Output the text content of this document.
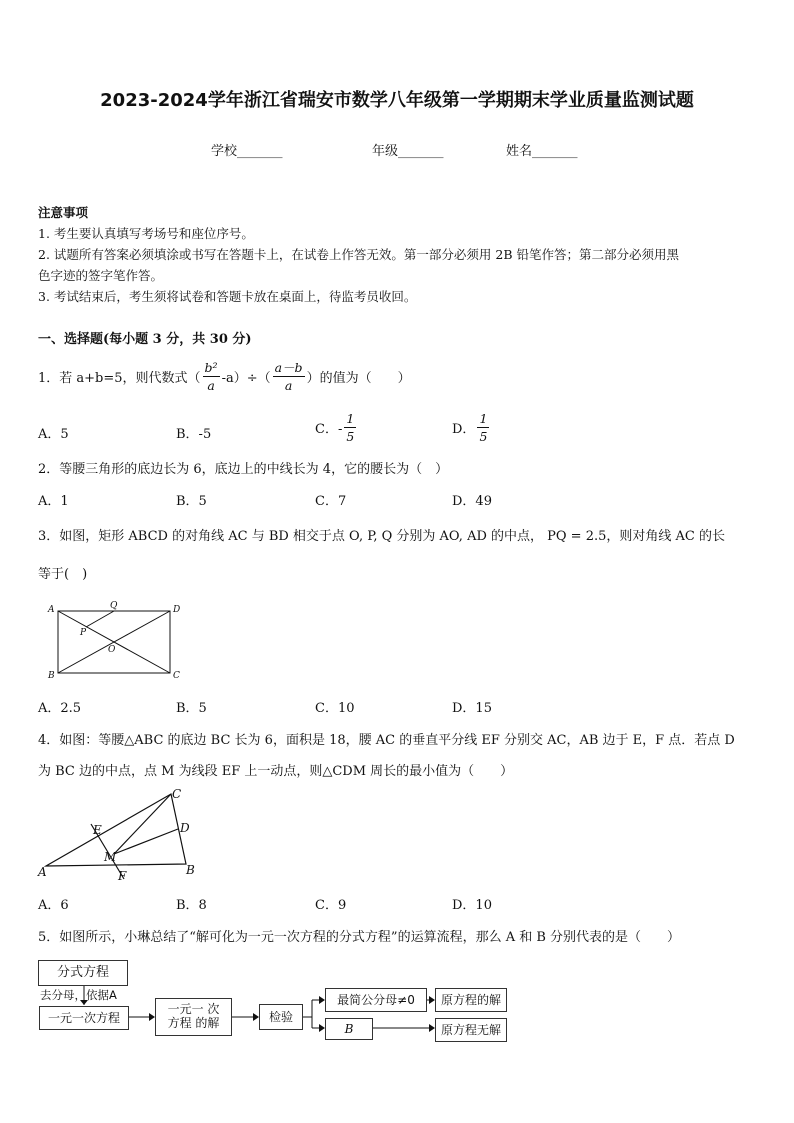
2023-2024学年浙江省瑞安市数学八年级第一学期期末学业质量监测试题
学校_______	年级_______	姓名_______
注意事项
1. 考生要认真填写考场号和座位序号。
2. 试题所有答案必须填涂或书写在答题卡上，在试卷上作答无效。第一部分必须用 2B 铅笔作答；第二部分必须用黑
色字迹的签字笔作答。
3. 考试结束后，考生须将试卷和答题卡放在桌面上，待监考员收回。
一、选择题(每小题 3 分，共 30 分)
1．若 a+b=5，则代数式（ $\frac{\text{b²}}{a} -a)\div( \frac{a-b}{a}$ ）的值为（　　）
A．5	B．-5	C．- $\frac{1}{5}$	D． $\frac{1}{5}$
2．等腰三角形的底边长为 6，底边上的中线长为 4，它的腰长为（　）
A．1	B．5	C．7	D．49
3．如图，矩形 ABCD 的对角线 AC 与 BD 相交于点 O, P, Q 分别为 AO, AD 的中点， PQ = 2.5，则对角线 AC 的长
等于(　)
A	Q	D
P
O
B	C
A．2.5	B．5	C．10	D．15
4．如图：等腰△ABC 的底边 BC 长为 6，面积是 18，腰 AC 的垂直平分线 EF 分别交 AC，AB 边于 E，F 点．若点 D
为 BC 边的中点，点 M 为线段 EF 上一动点，则△CDM 周长的最小值为（　　）
C
E	D
M
A	F	B
A．6	B．8	C．9	D．10
5．如图所示，小琳总结了“解可化为一元一次方程的分式方程”的运算流程，那么 A 和 B 分别代表的是（　　）
分式方程
去分母，依据A
一元一次方程
一元一 次
方程 的解	检验
最简公分母≠0
B
原方程的解
原方程无解
